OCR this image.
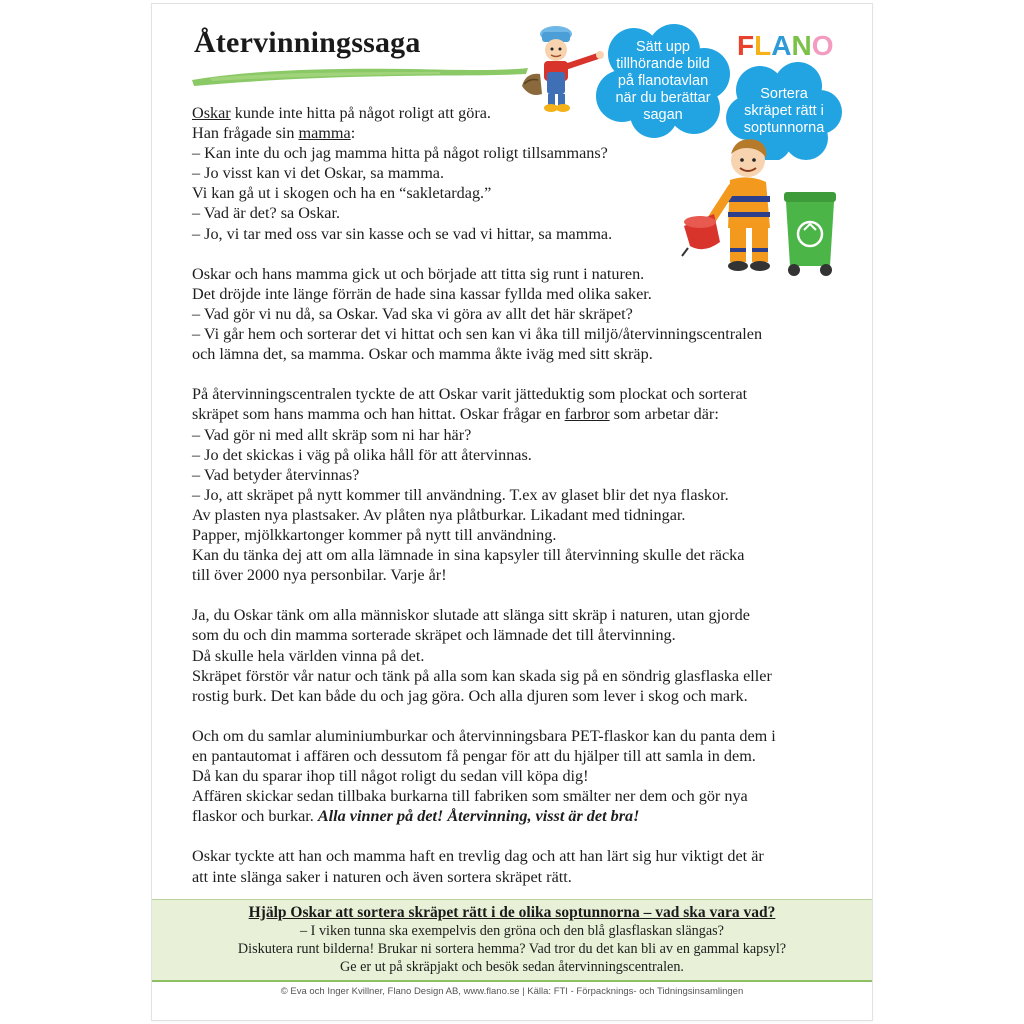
Återvinningssaga	Sätt upp tillhörande bild på flanotavlan när du berättar sagan
FLANO
Sortera skräpet rätt i soptunnorna

Oskar kunde inte hitta på något roligt att göra.
Han frågade sin mamma:
– Kan inte du och jag mamma hitta på något roligt tillsammans?
– Jo visst kan vi det Oskar, sa mamma.
Vi kan gå ut i skogen och ha en “sakletardag.”
– Vad är det? sa Oskar.
– Jo, vi tar med oss var sin kasse och se vad vi hittar, sa mamma.

Oskar och hans mamma gick ut och började att titta sig runt i naturen.
Det dröjde inte länge förrän de hade sina kassar fyllda med olika saker.
– Vad gör vi nu då, sa Oskar. Vad ska vi göra av allt det här skräpet?
– Vi går hem och sorterar det vi hittat och sen kan vi åka till miljö/återvinningscentralen
och lämna det, sa mamma. Oskar och mamma åkte iväg med sitt skräp.

På återvinningscentralen tyckte de att Oskar varit jätteduktig som plockat och sorterat
skräpet som hans mamma och han hittat. Oskar frågar en farbror som arbetar där:
– Vad gör ni med allt skräp som ni har här?
– Jo det skickas i väg på olika håll för att återvinnas.
– Vad betyder återvinnas?
– Jo, att skräpet på nytt kommer till användning. T.ex av glaset blir det nya flaskor.
Av plasten nya plastsaker. Av plåten nya plåtburkar. Likadant med tidningar.
Papper, mjölkkartonger kommer på nytt till användning.
Kan du tänka dej att om alla lämnade in sina kapsyler till återvinning skulle det räcka
till över 2000 nya personbilar. Varje år!

Ja, du Oskar tänk om alla människor slutade att slänga sitt skräp i naturen, utan gjorde
som du och din mamma sorterade skräpet och lämnade det till återvinning.
Då skulle hela världen vinna på det.
Skräpet förstör vår natur och tänk på alla som kan skada sig på en söndrig glasflaska eller
rostig burk. Det kan både du och jag göra. Och alla djuren som lever i skog och mark.

Och om du samlar aluminiumburkar och återvinningsbara PET-flaskor kan du panta dem i
en pantautomat i affären och dessutom få pengar för att du hjälper till att samla in dem.
Då kan du sparar ihop till något roligt du sedan vill köpa dig!
Affären skickar sedan tillbaka burkarna till fabriken som smälter ner dem och gör nya
flaskor och burkar. Alla vinner på det! Återvinning, visst är det bra!

Oskar tyckte att han och mamma haft en trevlig dag och att han lärt sig hur viktigt det är
att inte slänga saker i naturen och även sortera skräpet rätt.

Hjälp Oskar att sortera skräpet rätt i de olika soptunnorna – vad ska vara vad?
– I viken tunna ska exempelvis den gröna och den blå glasflaskan slängas?
Diskutera runt bilderna! Brukar ni sortera hemma? Vad tror du det kan bli av en gammal kapsyl?
Ge er ut på skräpjakt och besök sedan återvinningscentralen.
© Eva och Inger Kvillner, Flano Design AB, www.flano.se | Källa: FTI - Förpacknings- och Tidningsinsamlingen
